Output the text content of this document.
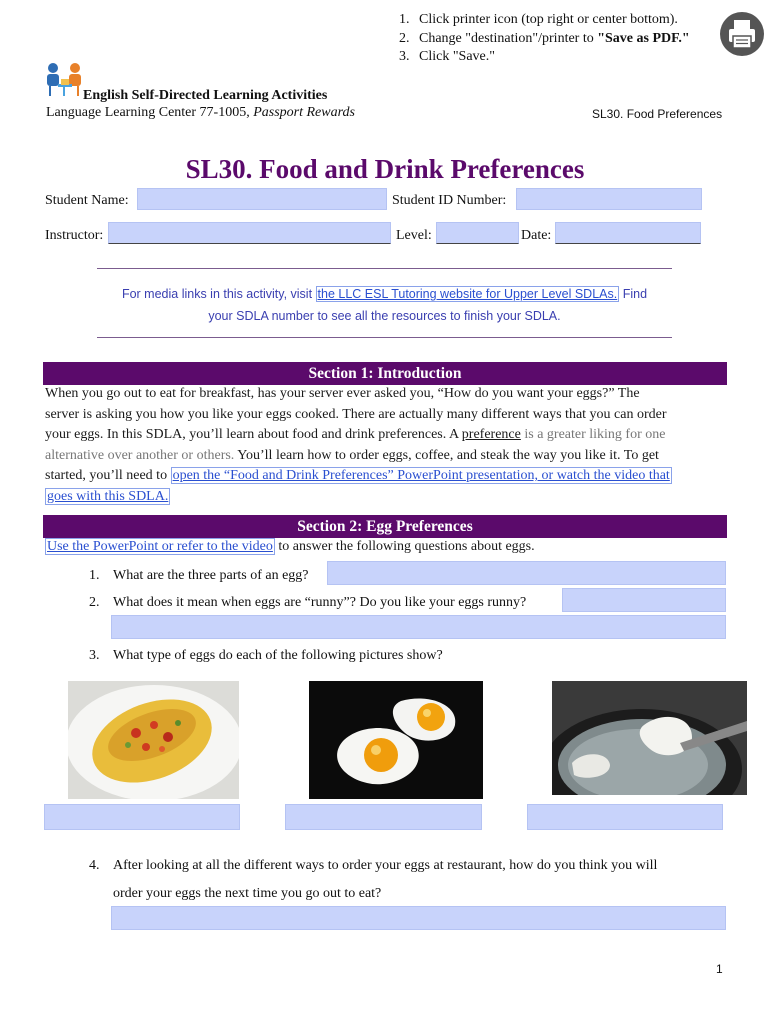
1. Click printer icon (top right or center bottom).
2. Change "destination"/printer to "Save as PDF."
3. Click "Save."
English Self-Directed Learning Activities
Language Learning Center 77-1005, Passport Rewards	SL30. Food Preferences
SL30. Food and Drink Preferences
Student Name:	Student ID Number:
Instructor:	Level:	Date:
For media links in this activity, visit the LLC ESL Tutoring website for Upper Level SDLAs. Find
your SDLA number to see all the resources to finish your SDLA.
Section 1: Introduction
When you go out to eat for breakfast, has your server ever asked you, “How do you want your eggs?” The
server is asking you how you like your eggs cooked. There are actually many different ways that you can order
your eggs. In this SDLA, you’ll learn about food and drink preferences. A preference is a greater liking for one
alternative over another or others. You’ll learn how to order eggs, coffee, and steak the way you like it. To get
started, you’ll need to open the “Food and Drink Preferences” PowerPoint presentation, or watch the video that
goes with this SDLA.
Section 2: Egg Preferences
Use the PowerPoint or refer to the video to answer the following questions about eggs.
1. What are the three parts of an egg?
2. What does it mean when eggs are “runny”? Do you like your eggs runny?
3. What type of eggs do each of the following pictures show?
4. After looking at all the different ways to order your eggs at restaurant, how do you think you will
order your eggs the next time you go out to eat?
1
